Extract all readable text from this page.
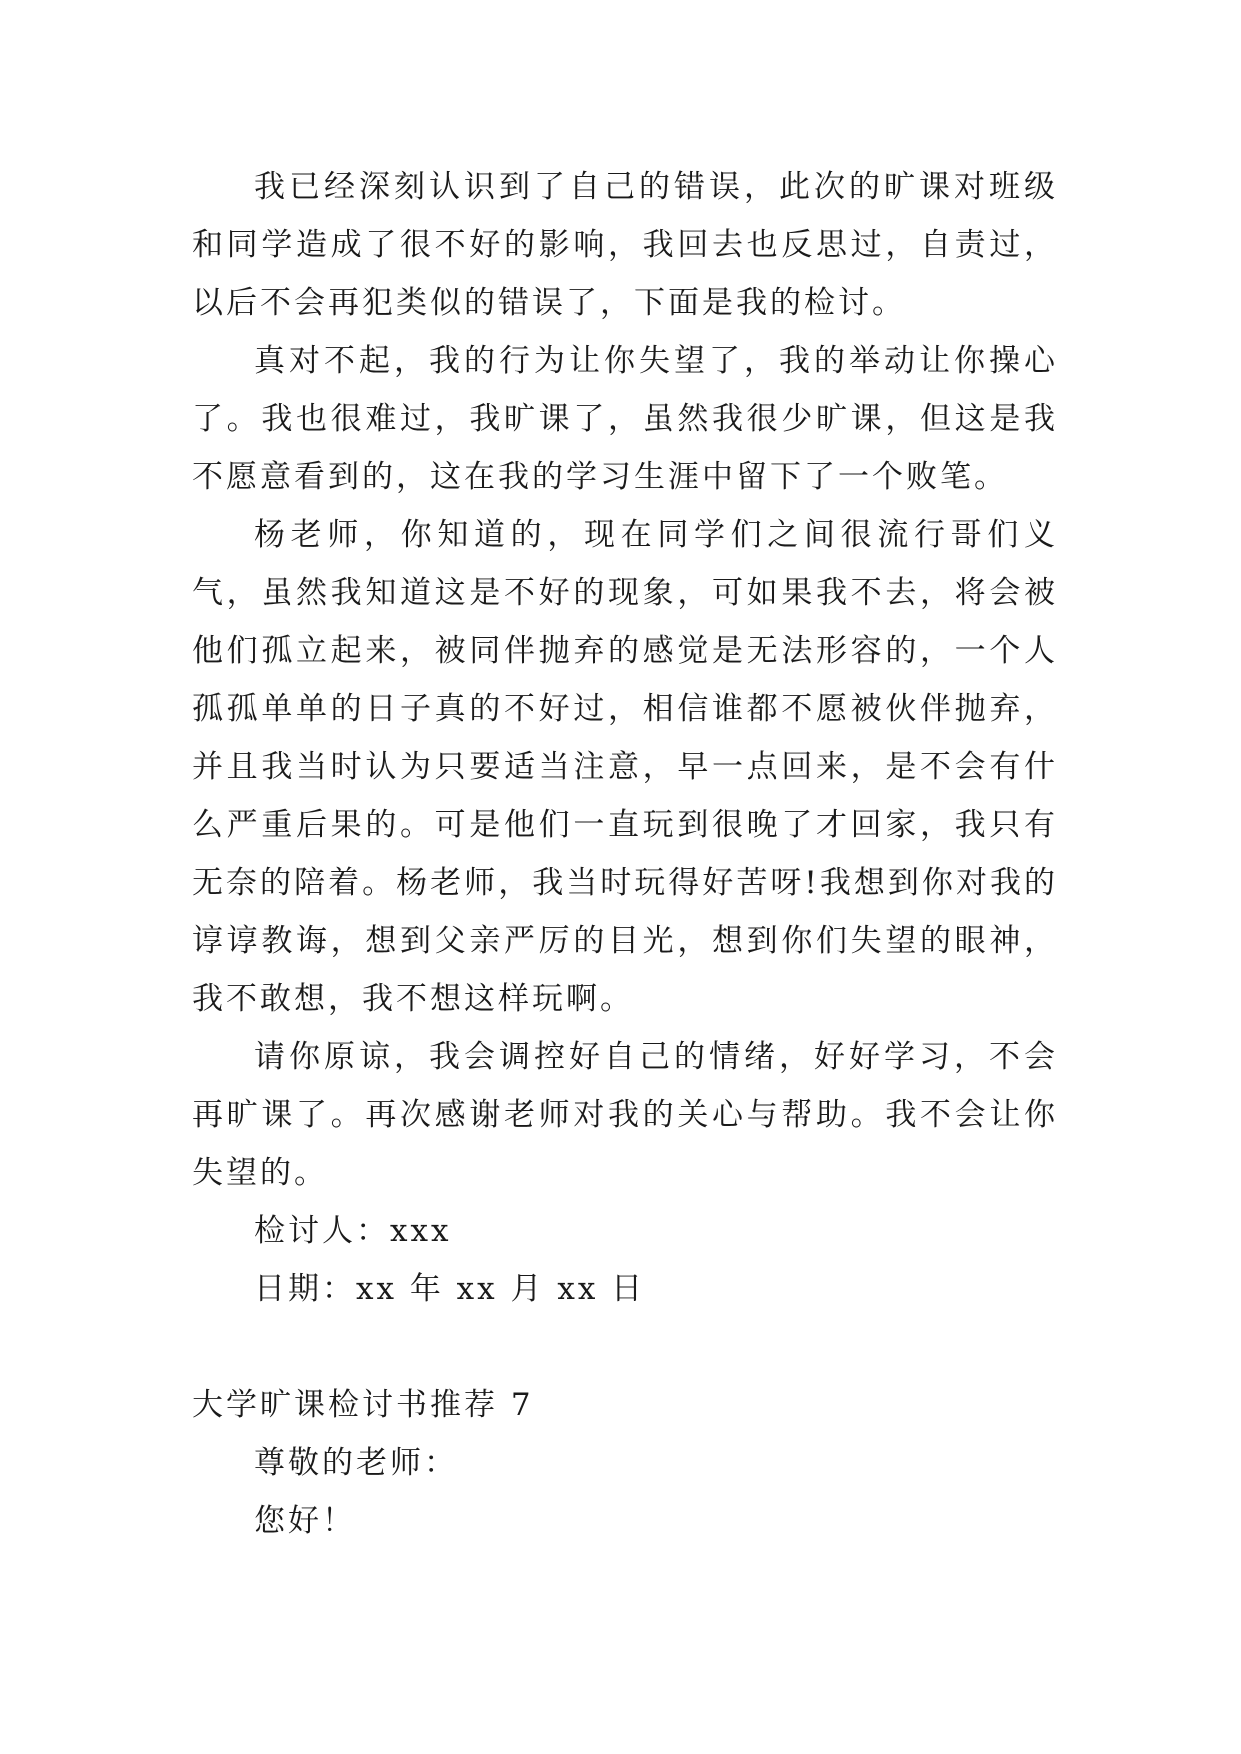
我已经深刻认识到了自己的错误，此次的旷课对班级和同学造成了很不好的影响，我回去也反思过，自责过，以后不会再犯类似的错误了，下面是我的检讨。

真对不起，我的行为让你失望了，我的举动让你操心了。我也很难过，我旷课了，虽然我很少旷课，但这是我不愿意看到的，这在我的学习生涯中留下了一个败笔。

杨老师，你知道的，现在同学们之间很流行哥们义气，虽然我知道这是不好的现象，可如果我不去，将会被他们孤立起来，被同伴抛弃的感觉是无法形容的，一个人孤孤单单的日子真的不好过，相信谁都不愿被伙伴抛弃，并且我当时认为只要适当注意，早一点回来，是不会有什么严重后果的。可是他们一直玩到很晚了才回家，我只有无奈的陪着。杨老师，我当时玩得好苦呀!我想到你对我的谆谆教诲，想到父亲严厉的目光，想到你们失望的眼神，我不敢想，我不想这样玩啊。

请你原谅，我会调控好自己的情绪，好好学习，不会再旷课了。再次感谢老师对我的关心与帮助。我不会让你失望的。

检讨人：xxx

日期：xx 年 xx 月 xx 日

大学旷课检讨书推荐 7

尊敬的老师：

您好！
